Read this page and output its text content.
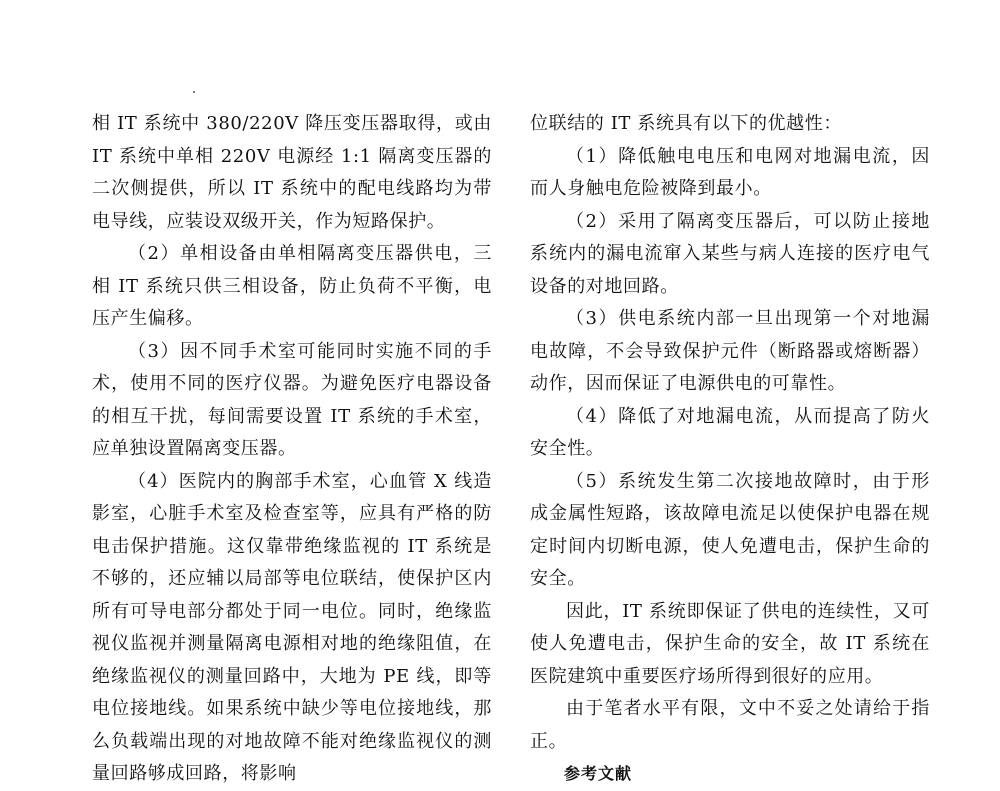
相 IT 系统中 380/220V 降压变压器取得，或由 IT 系统中单相 220V 电源经 1:1 隔离变压器的二次侧提供，所以 IT 系统中的配电线路均为带电导线，应装设双级开关，作为短路保护。

（2）单相设备由单相隔离变压器供电，三相 IT 系统只供三相设备，防止负荷不平衡，电压产生偏移。

（3）因不同手术室可能同时实施不同的手术，使用不同的医疗仪器。为避免医疗电器设备的相互干扰，每间需要设置 IT 系统的手术室，应单独设置隔离变压器。

（4）医院内的胸部手术室，心血管 X 线造影室，心脏手术室及检查室等，应具有严格的防电击保护措施。这仅靠带绝缘监视的 IT 系统是不够的，还应辅以局部等电位联结，使保护区内所有可导电部分都处于同一电位。同时，绝缘监视仪监视并测量隔离电源相对地的绝缘阻值，在绝缘监视仪的测量回路中，大地为 PE 线，即等电位接地线。如果系统中缺少等电位接地线，那么负载端出现的对地故障不能对绝缘监视仪的测量回路够成回路，将影响

位联结的 IT 系统具有以下的优越性：

（1）降低触电电压和电网对地漏电流，因而人身触电危险被降到最小。

（2）采用了隔离变压器后，可以防止接地系统内的漏电流窜入某些与病人连接的医疗电气设备的对地回路。

（3）供电系统内部一旦出现第一个对地漏电故障，不会导致保护元件（断路器或熔断器）动作，因而保证了电源供电的可靠性。

（4）降低了对地漏电流，从而提高了防火安全性。

（5）系统发生第二次接地故障时，由于形成金属性短路，该故障电流足以使保护电器在规定时间内切断电源，使人免遭电击，保护生命的安全。

因此，IT 系统即保证了供电的连续性，又可使人免遭电击，保护生命的安全，故 IT 系统在医院建筑中重要医疗场所得到很好的应用。

由于笔者水平有限，文中不妥之处请给于指正。

参考文献
